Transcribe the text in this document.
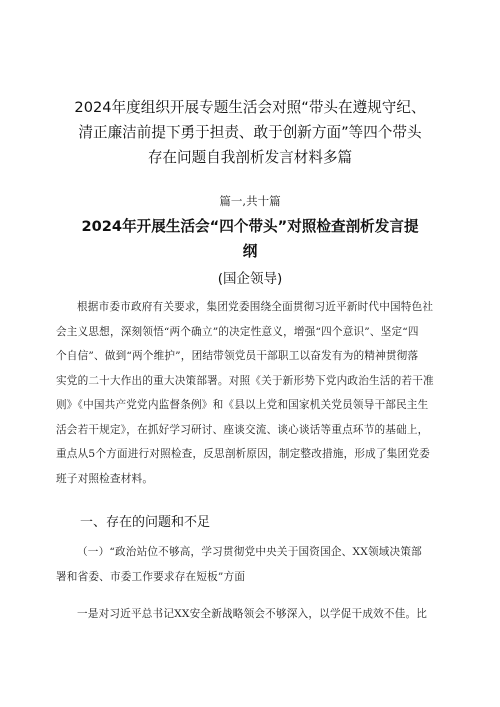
2024年度组织开展专题生活会对照“带头在遵规守纪、
清正廉洁前提下勇于担责、敢于创新方面”等四个带头
存在问题自我剖析发言材料多篇
篇一,共十篇
2024年开展生活会“四个带头”对照检查剖析发言提
纲
(国企领导)
根据市委市政府有关要求，集团党委围绕全面贯彻习近平新时代中国特色社
会主义思想，深刻领悟“两个确立”的决定性意义，增强“四个意识”、坚定“四
个自信”、做到“两个维护”，团结带领党员干部职工以奋发有为的精神贯彻落
实党的二十大作出的重大决策部署。对照《关于新形势下党内政治生活的若干准
则》《中国共产党党内监督条例》和《县以上党和国家机关党员领导干部民主生
活会若干规定》，在抓好学习研讨、座谈交流、谈心谈话等重点环节的基础上，
重点从5个方面进行对照检查，反思剖析原因，制定整改措施，形成了集团党委
班子对照检查材料。
一、存在的问题和不足
（一）“政治站位不够高，学习贯彻党中央关于国资国企、XX领域决策部
署和省委、市委工作要求存在短板”方面
一是对习近平总书记XX安全新战略领会不够深入，以学促干成效不佳。比
